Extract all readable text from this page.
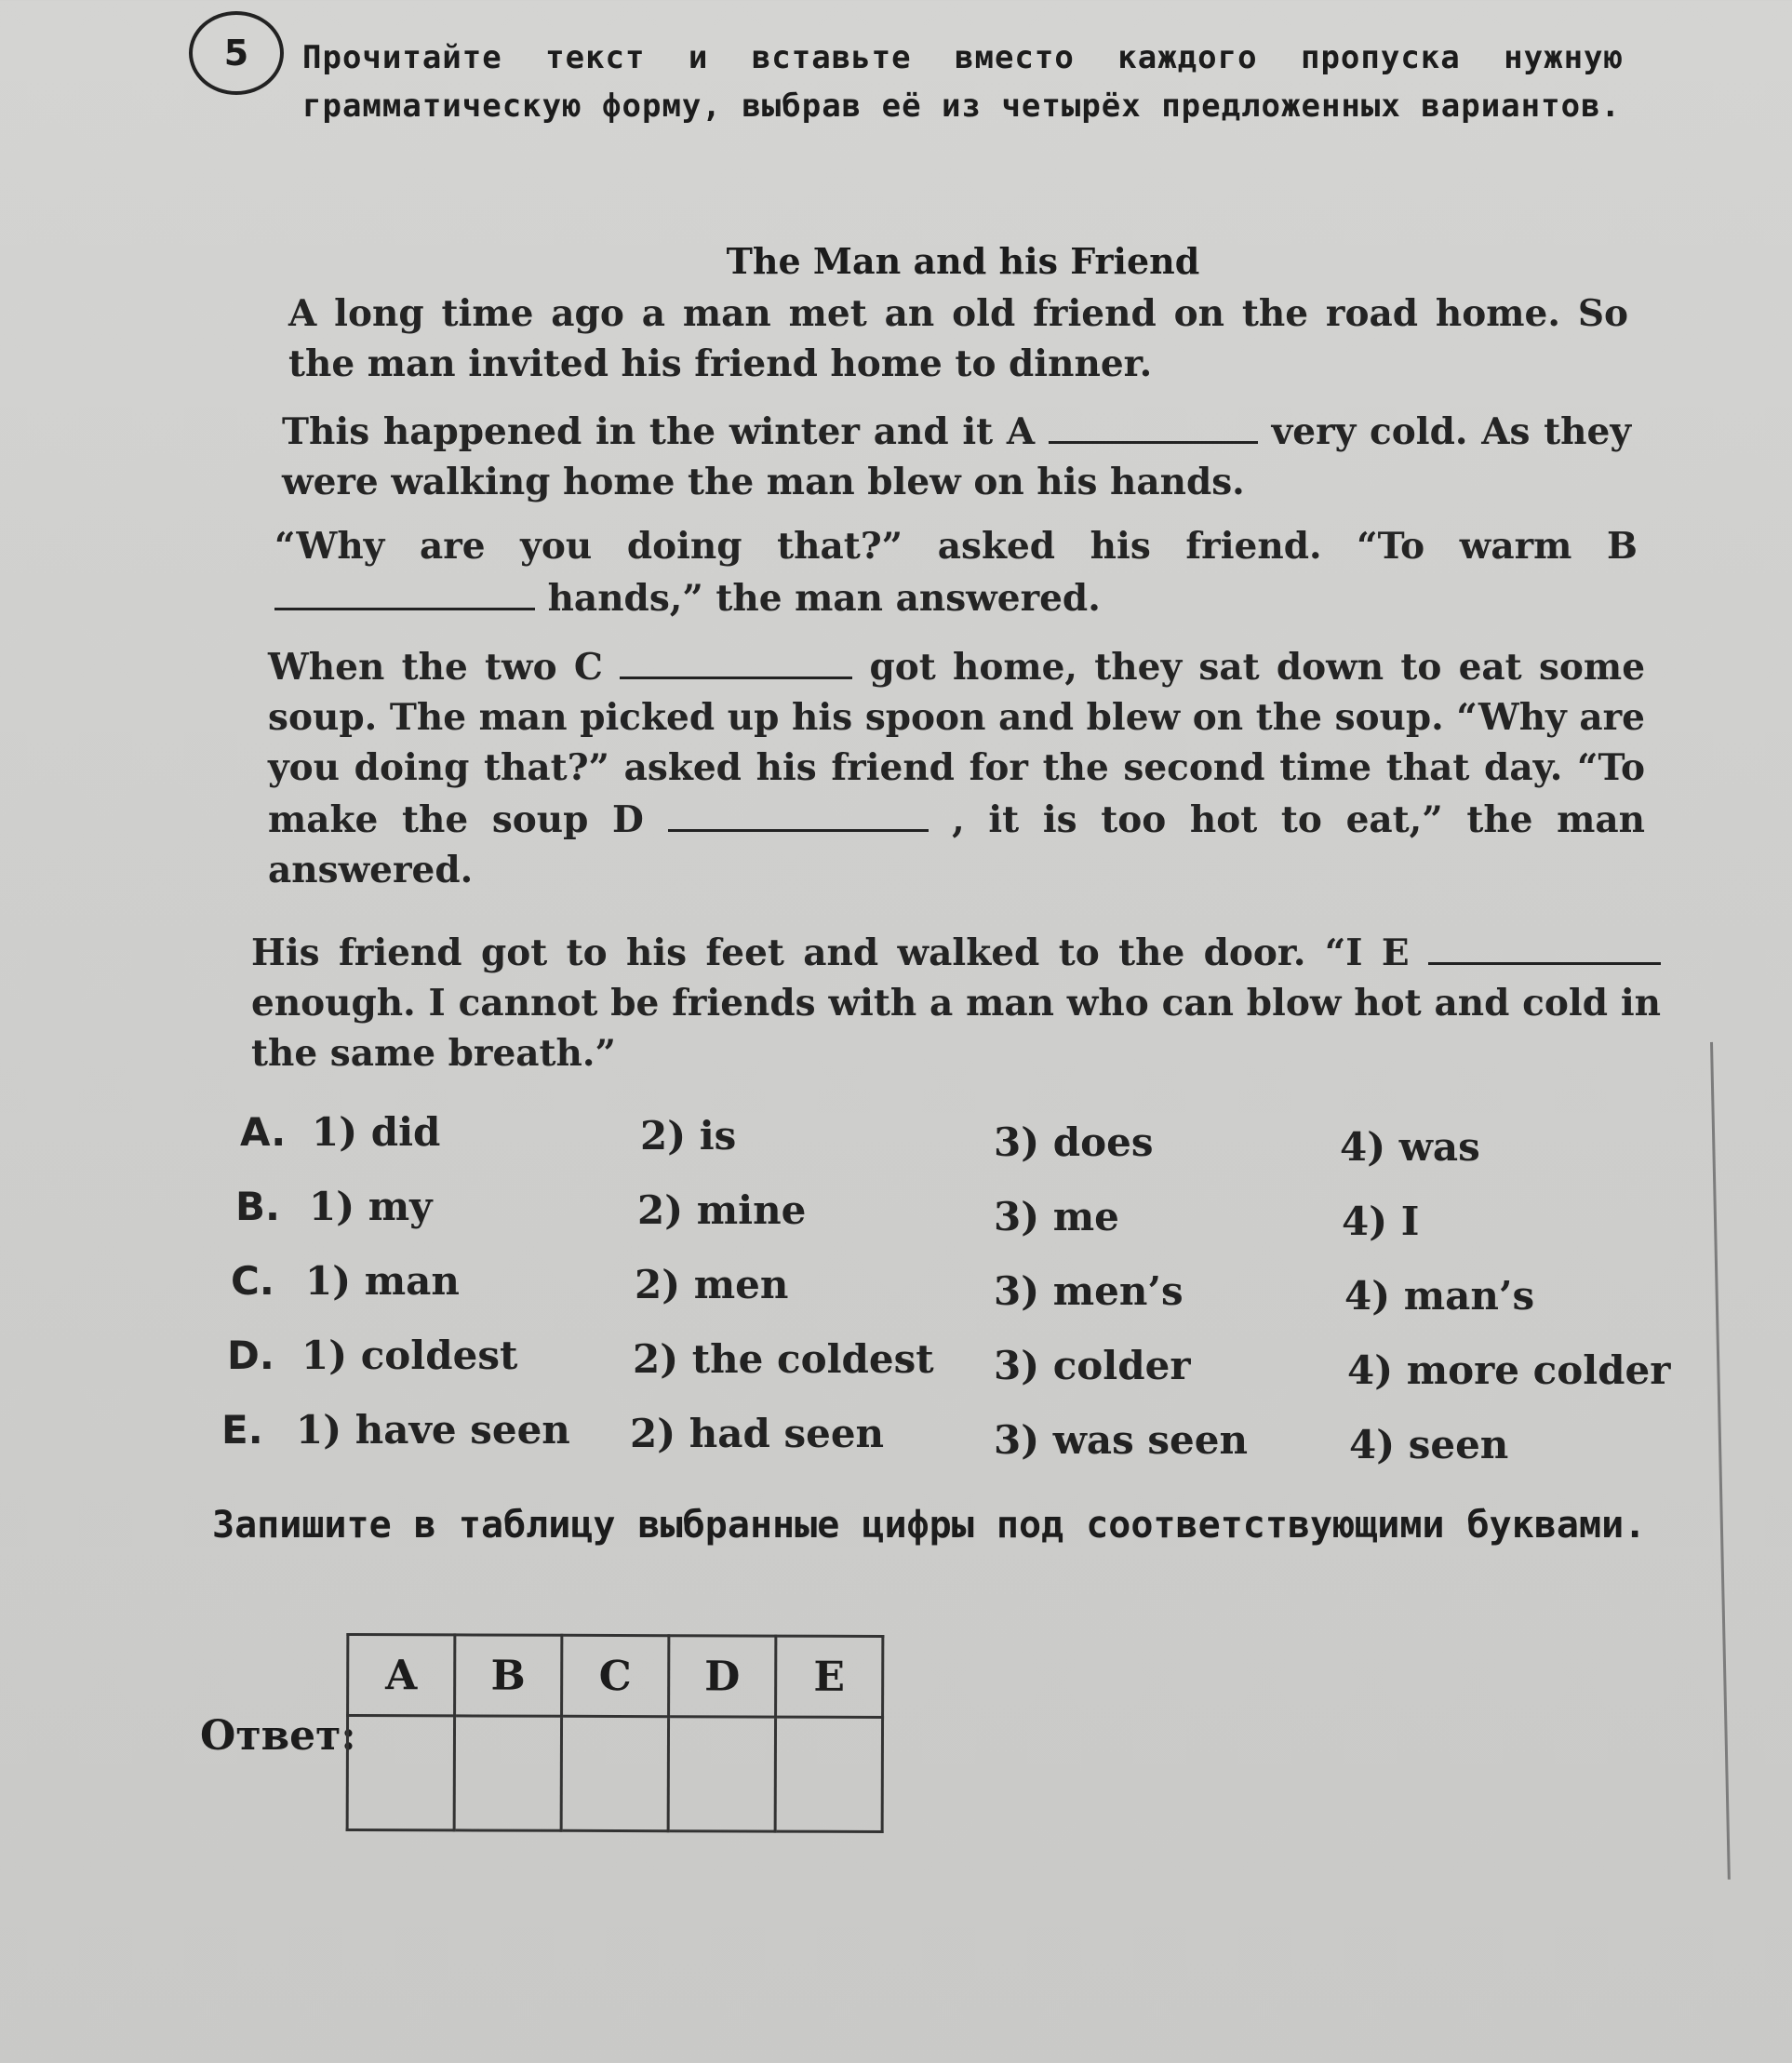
5	Прочитайте текст и вставьте вместо каждого пропуска нужную грамматическую форму, выбрав её из четырёх предложенных вариантов.
The Man and his Friend
A long time ago a man met an old friend on the road home. So the man invited his friend home to dinner.
This happened in the winter and it A	very cold. As they were walking home the man blew on his hands.
“Why are you doing that?” asked his friend. “To warm B  hands,” the man answered.
When the two C	got home, they sat down to eat some soup. The man picked up his spoon and blew on the soup. “Why are you doing that?” asked his friend for the second time that day. “To make the soup D	, it is too hot to eat,” the man answered.
His friend got to his feet and walked to the door. “I E  enough. I cannot be friends with a man who can blow hot and cold in the same breath.”
A. 1) did	2) is	3) does	4) was
B. 1) my	2) mine	3) me	4) I
C. 1) man	2) men	3) men’s	4) man’s
D. 1) coldest	2) the coldest 3) colder	4) more colder
E. 1) have seen 2) had seen	3) was seen	4) seen
Запишите в таблицу выбранные цифры под соответствующими буквами.
Ответ:
A	B	C	D	E
